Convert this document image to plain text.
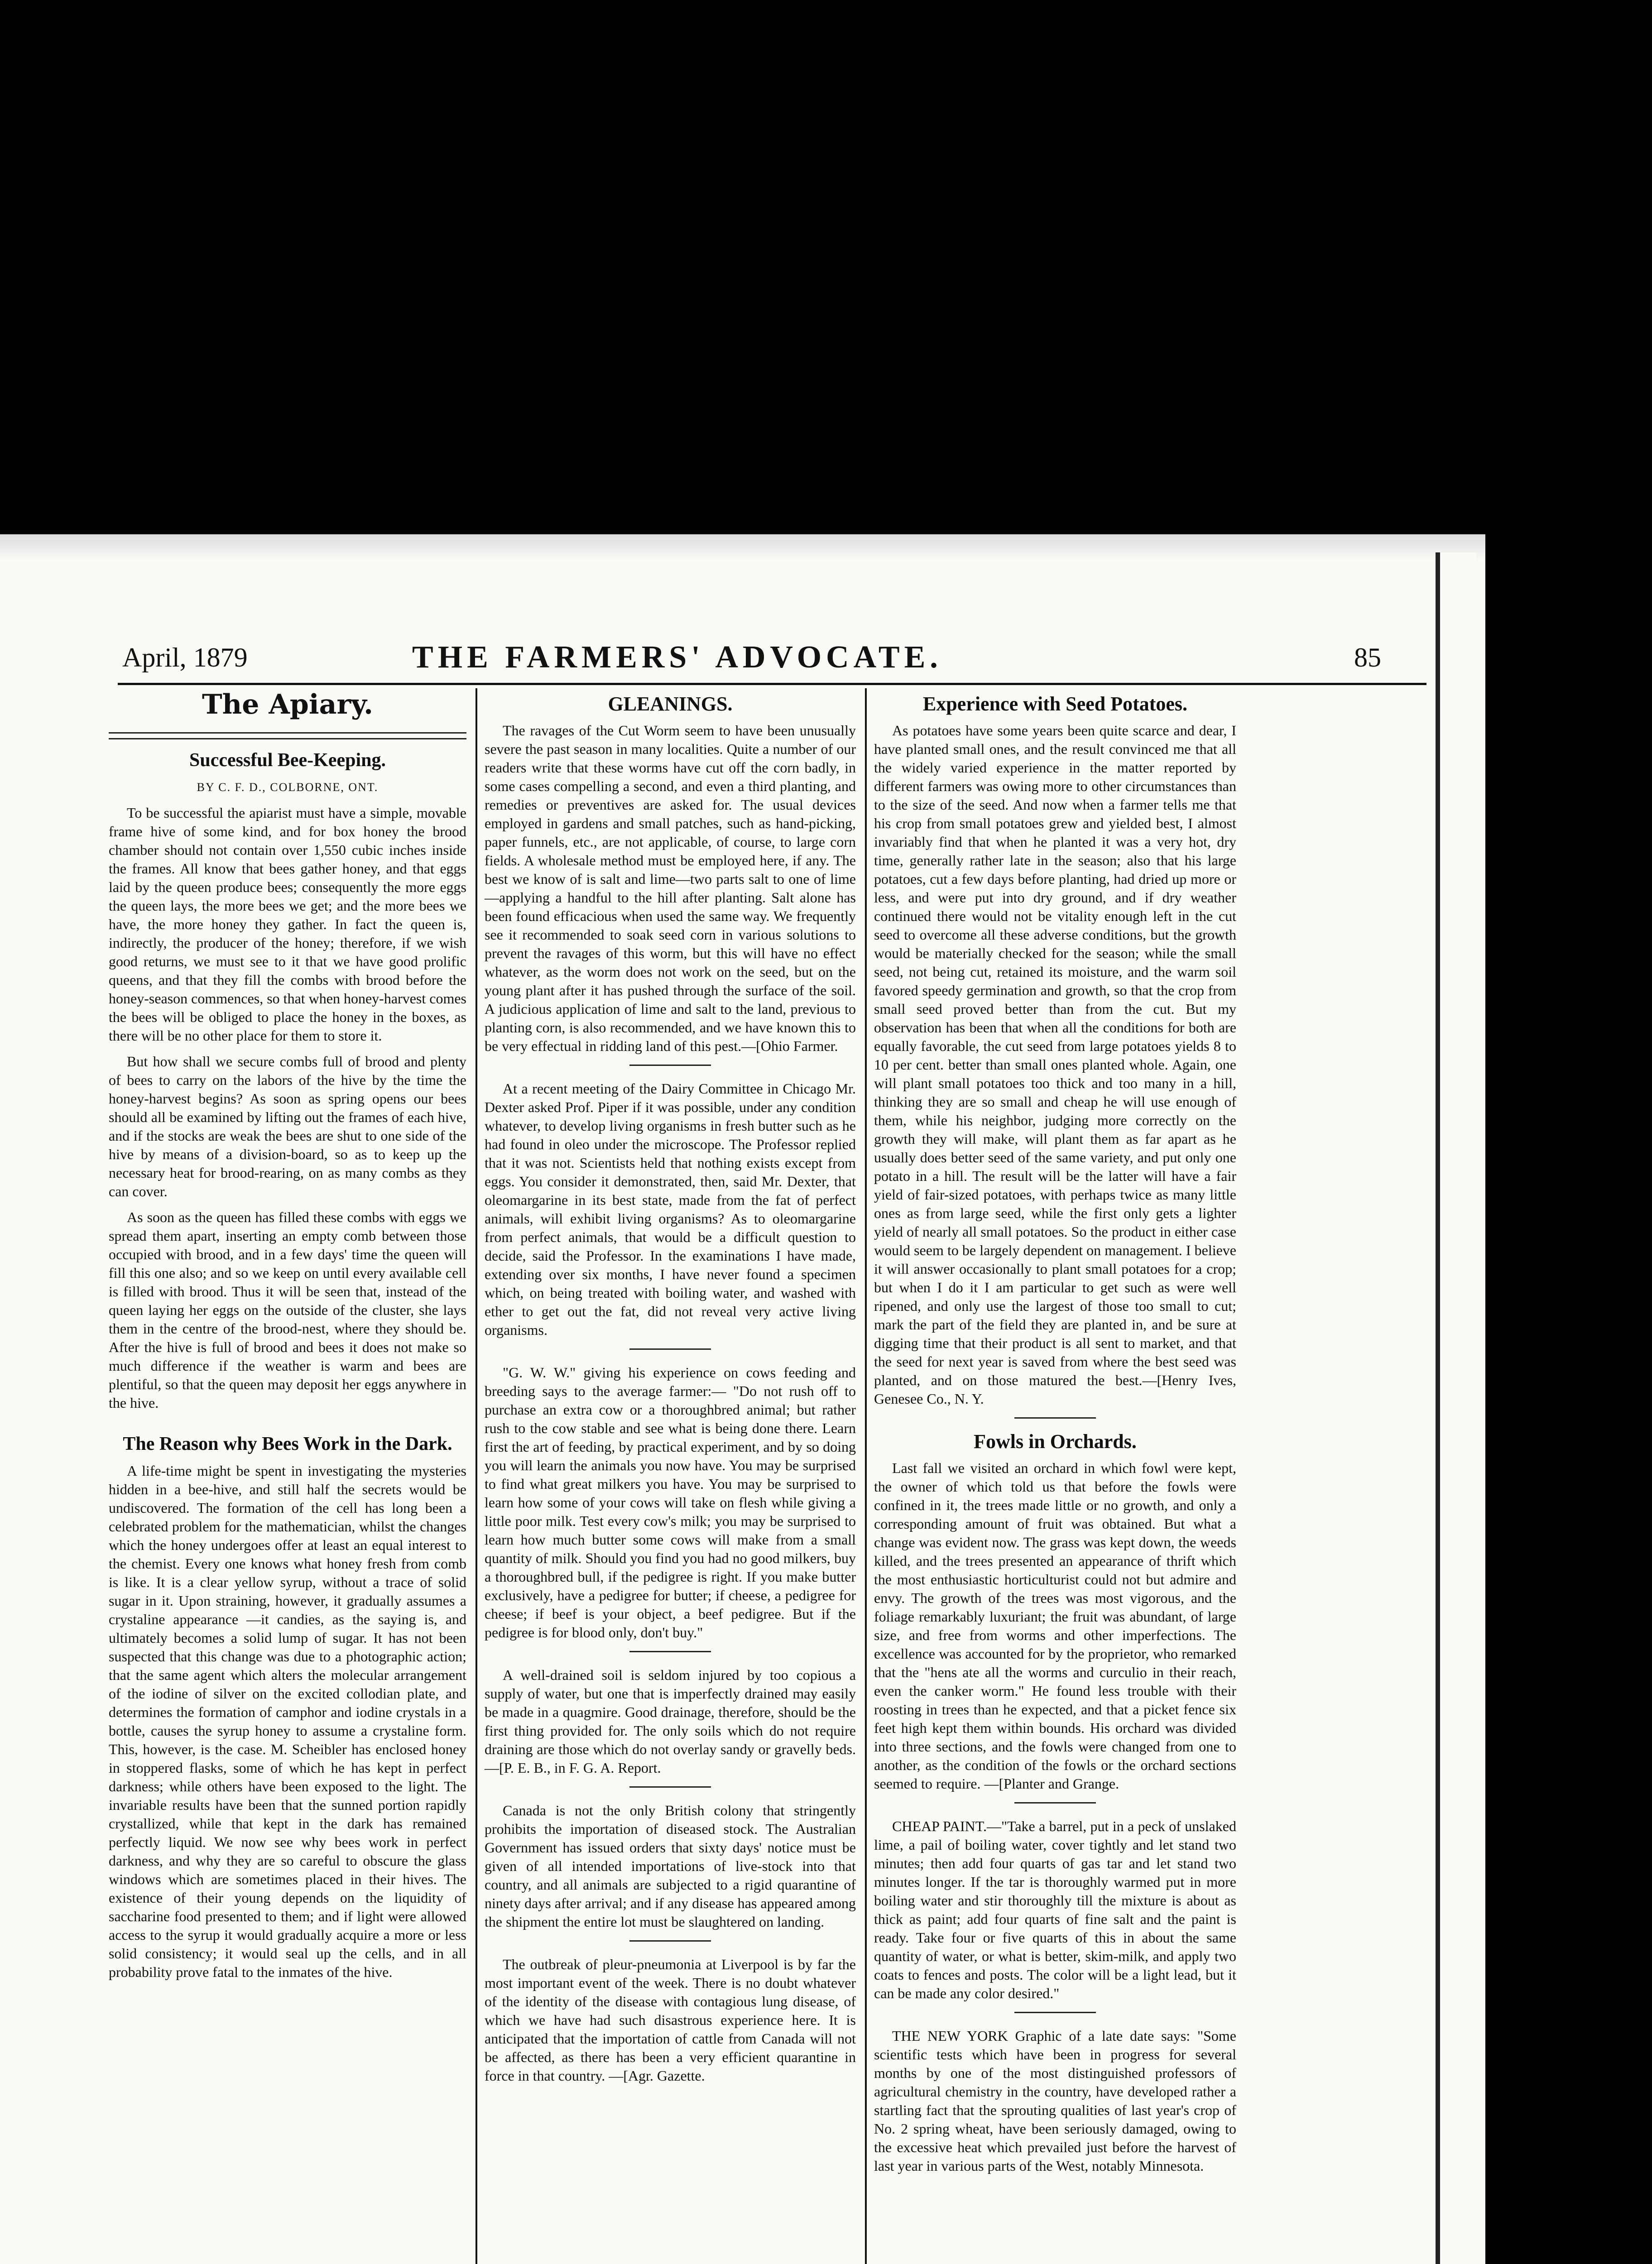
April, 1879	THE FARMERS' ADVOCATE.	85
The Apiary.
Successful Bee-Keeping.
BY C. F. D., COLBORNE, ONT.

To be successful the apiarist must have a simple, movable frame hive of some kind, and for box honey the brood chamber should not contain over 1,550 cubic inches inside the frames. All know that bees gather honey, and that eggs laid by the queen produce bees; consequently the more eggs the queen lays, the more bees we get; and the more bees we have, the more honey they gather. In fact the queen is, indirectly, the producer of the honey; therefore, if we wish good returns, we must see to it that we have good prolific queens, and that they fill the combs with brood before the honey-season commences, so that when honey-harvest comes the bees will be obliged to place the honey in the boxes, as there will be no other place for them to store it.

But how shall we secure combs full of brood and plenty of bees to carry on the labors of the hive by the time the honey-harvest begins? As soon as spring opens our bees should all be examined by lifting out the frames of each hive, and if the stocks are weak the bees are shut to one side of the hive by means of a division-board, so as to keep up the necessary heat for brood-rearing, on as many combs as they can cover.

As soon as the queen has filled these combs with eggs we spread them apart, inserting an empty comb between those occupied with brood, and in a few days' time the queen will fill this one also; and so we keep on until every available cell is filled with brood. Thus it will be seen that, instead of the queen laying her eggs on the outside of the cluster, she lays them in the centre of the brood-nest, where they should be. After the hive is full of brood and bees it does not make so much difference if the weather is warm and bees are plentiful, so that the queen may deposit her eggs anywhere in the hive.

The Reason why Bees Work in the Dark.

A life-time might be spent in investigating the mysteries hidden in a bee-hive, and still half the secrets would be undiscovered. The formation of the cell has long been a celebrated problem for the mathematician, whilst the changes which the honey undergoes offer at least an equal interest to the chemist. Every one knows what honey fresh from comb is like. It is a clear yellow syrup, without a trace of solid sugar in it. Upon straining, however, it gradually assumes a crystaline appearance —it candies, as the saying is, and ultimately becomes a solid lump of sugar. It has not been suspected that this change was due to a photographic action; that the same agent which alters the molecular arrangement of the iodine of silver on the excited collodian plate, and determines the formation of camphor and iodine crystals in a bottle, causes the syrup honey to assume a crystaline form. This, however, is the case. M. Scheibler has enclosed honey in stoppered flasks, some of which he has kept in perfect darkness; while others have been exposed to the light. The invariable results have been that the sunned portion rapidly crystallized, while that kept in the dark has remained perfectly liquid. We now see why bees work in perfect darkness, and why they are so careful to obscure the glass windows which are sometimes placed in their hives. The existence of their young depends on the liquidity of saccharine food presented to them; and if light were allowed access to the syrup it would gradually acquire a more or less solid consistency; it would seal up the cells, and in all probability prove fatal to the inmates of the hive.

GLEANINGS.

The ravages of the Cut Worm seem to have been unusually severe the past season in many localities. Quite a number of our readers write that these worms have cut off the corn badly, in some cases compelling a second, and even a third planting, and remedies or preventives are asked for. The usual devices employed in gardens and small patches, such as hand-picking, paper funnels, etc., are not applicable, of course, to large corn fields. A wholesale method must be employed here, if any. The best we know of is salt and lime—two parts salt to one of lime—applying a handful to the hill after planting. Salt alone has been found efficacious when used the same way. We frequently see it recommended to soak seed corn in various solutions to prevent the ravages of this worm, but this will have no effect whatever, as the worm does not work on the seed, but on the young plant after it has pushed through the surface of the soil. A judicious application of lime and salt to the land, previous to planting corn, is also recommended, and we have known this to be very effectual in ridding land of this pest.—[Ohio Farmer.

At a recent meeting of the Dairy Committee in Chicago Mr. Dexter asked Prof. Piper if it was possible, under any condition whatever, to develop living organisms in fresh butter such as he had found in oleo under the microscope. The Professor replied that it was not. Scientists held that nothing exists except from eggs. You consider it demonstrated, then, said Mr. Dexter, that oleomargarine in its best state, made from the fat of perfect animals, will exhibit living organisms? As to oleomargarine from perfect animals, that would be a difficult question to decide, said the Professor. In the examinations I have made, extending over six months, I have never found a specimen which, on being treated with boiling water, and washed with ether to get out the fat, did not reveal very active living organisms.

"G. W. W." giving his experience on cows feeding and breeding says to the average farmer:— "Do not rush off to purchase an extra cow or a thoroughbred animal; but rather rush to the cow stable and see what is being done there. Learn first the art of feeding, by practical experiment, and by so doing you will learn the animals you now have. You may be surprised to find what great milkers you have. You may be surprised to learn how some of your cows will take on flesh while giving a little poor milk. Test every cow's milk; you may be surprised to learn how much butter some cows will make from a small quantity of milk. Should you find you had no good milkers, buy a thoroughbred bull, if the pedigree is right. If you make butter exclusively, have a pedigree for butter; if cheese, a pedigree for cheese; if beef is your object, a beef pedigree. But if the pedigree is for blood only, don't buy."

A well-drained soil is seldom injured by too copious a supply of water, but one that is imperfectly drained may easily be made in a quagmire. Good drainage, therefore, should be the first thing provided for. The only soils which do not require draining are those which do not overlay sandy or gravelly beds.—[P. E. B., in F. G. A. Report.

Canada is not the only British colony that stringently prohibits the importation of diseased stock. The Australian Government has issued orders that sixty days' notice must be given of all intended importations of live-stock into that country, and all animals are subjected to a rigid quarantine of ninety days after arrival; and if any disease has appeared among the shipment the entire lot must be slaughtered on landing.

The outbreak of pleur-pneumonia at Liverpool is by far the most important event of the week. There is no doubt whatever of the identity of the disease with contagious lung disease, of which we have had such disastrous experience here. It is anticipated that the importation of cattle from Canada will not be affected, as there has been a very efficient quarantine in force in that country. —[Agr. Gazette.

Experience with Seed Potatoes.

As potatoes have some years been quite scarce and dear, I have planted small ones, and the result convinced me that all the widely varied experience in the matter reported by different farmers was owing more to other circumstances than to the size of the seed. And now when a farmer tells me that his crop from small potatoes grew and yielded best, I almost invariably find that when he planted it was a very hot, dry time, generally rather late in the season; also that his large potatoes, cut a few days before planting, had dried up more or less, and were put into dry ground, and if dry weather continued there would not be vitality enough left in the cut seed to overcome all these adverse conditions, but the growth would be materially checked for the season; while the small seed, not being cut, retained its moisture, and the warm soil favored speedy germination and growth, so that the crop from small seed proved better than from the cut. But my observation has been that when all the conditions for both are equally favorable, the cut seed from large potatoes yields 8 to 10 per cent. better than small ones planted whole. Again, one will plant small potatoes too thick and too many in a hill, thinking they are so small and cheap he will use enough of them, while his neighbor, judging more correctly on the growth they will make, will plant them as far apart as he usually does better seed of the same variety, and put only one potato in a hill. The result will be the latter will have a fair yield of fair-sized potatoes, with perhaps twice as many little ones as from large seed, while the first only gets a lighter yield of nearly all small potatoes. So the product in either case would seem to be largely dependent on management. I believe it will answer occasionally to plant small potatoes for a crop; but when I do it I am particular to get such as were well ripened, and only use the largest of those too small to cut; mark the part of the field they are planted in, and be sure at digging time that their product is all sent to market, and that the seed for next year is saved from where the best seed was planted, and on those matured the best.—[Henry Ives, Genesee Co., N. Y.

Fowls in Orchards.

Last fall we visited an orchard in which fowl were kept, the owner of which told us that before the fowls were confined in it, the trees made little or no growth, and only a corresponding amount of fruit was obtained. But what a change was evident now. The grass was kept down, the weeds killed, and the trees presented an appearance of thrift which the most enthusiastic horticulturist could not but admire and envy. The growth of the trees was most vigorous, and the foliage remarkably luxuriant; the fruit was abundant, of large size, and free from worms and other imperfections. The excellence was accounted for by the proprietor, who remarked that the "hens ate all the worms and curculio in their reach, even the canker worm." He found less trouble with their roosting in trees than he expected, and that a picket fence six feet high kept them within bounds. His orchard was divided into three sections, and the fowls were changed from one to another, as the condition of the fowls or the orchard sections seemed to require. —[Planter and Grange.

CHEAP PAINT.—"Take a barrel, put in a peck of unslaked lime, a pail of boiling water, cover tightly and let stand two minutes; then add four quarts of gas tar and let stand two minutes longer. If the tar is thoroughly warmed put in more boiling water and stir thoroughly till the mixture is about as thick as paint; add four quarts of fine salt and the paint is ready. Take four or five quarts of this in about the same quantity of water, or what is better, skim-milk, and apply two coats to fences and posts. The color will be a light lead, but it can be made any color desired."

THE NEW YORK Graphic of a late date says: "Some scientific tests which have been in progress for several months by one of the most distinguished professors of agricultural chemistry in the country, have developed rather a startling fact that the sprouting qualities of last year's crop of No. 2 spring wheat, have been seriously damaged, owing to the excessive heat which prevailed just before the harvest of last year in various parts of the West, notably Minnesota.
